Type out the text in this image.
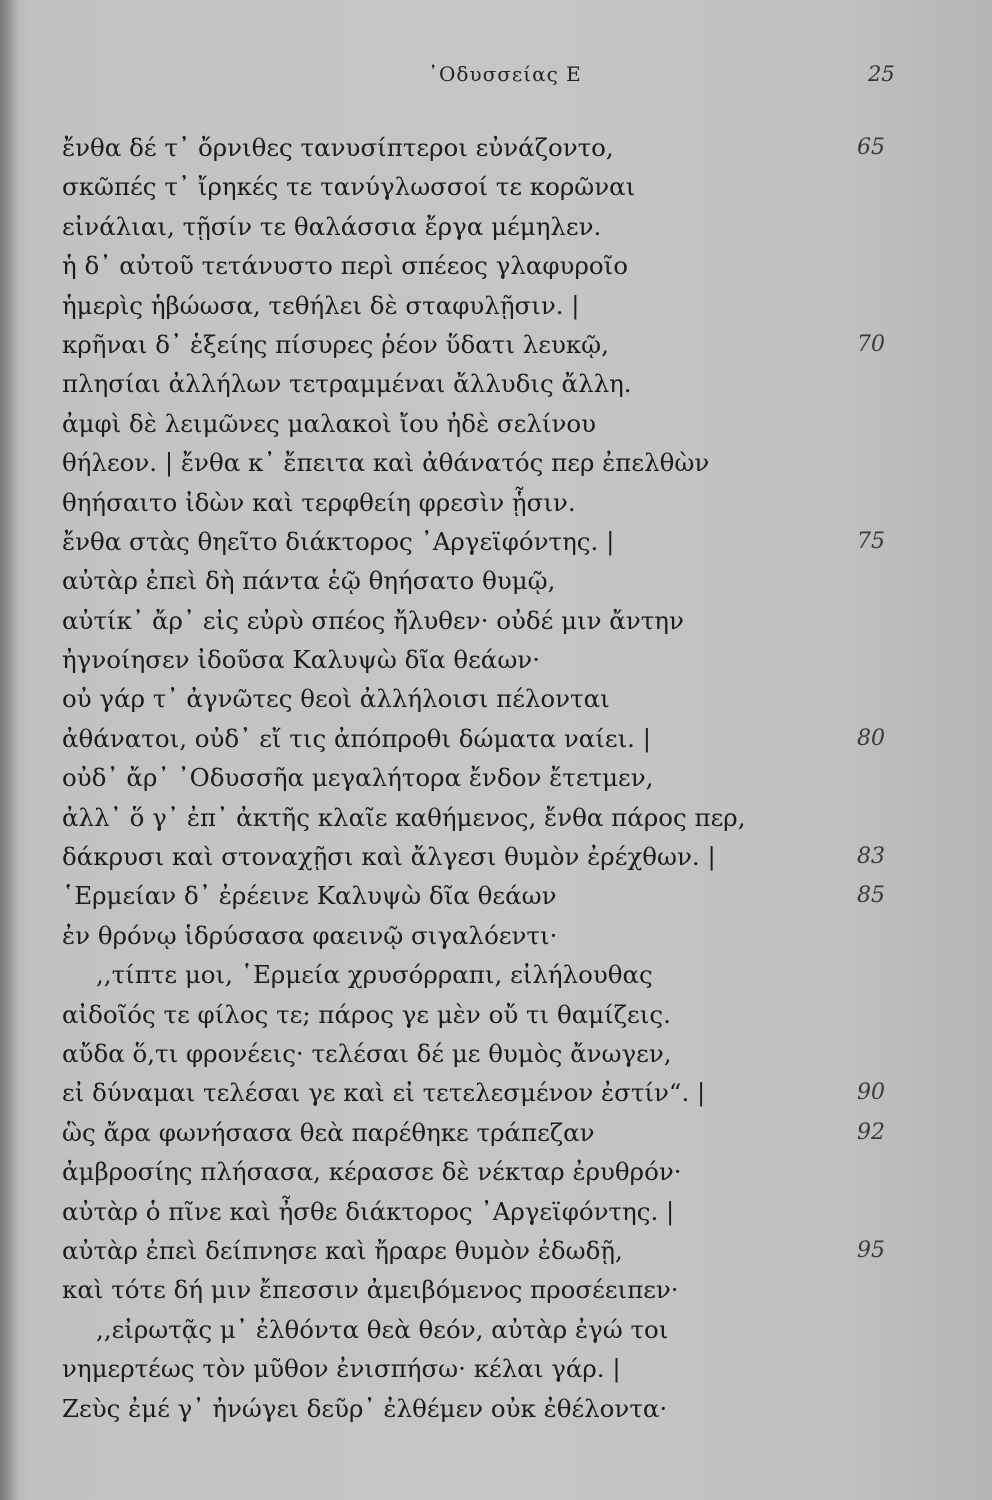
᾿Οδυσσείας Ε	25
ἔνθα δέ τ᾿ ὄρνιθες τανυσίπτεροι εὐνάζοντο,	65
σκῶπές τ᾿ ἴρηκές τε τανύγλωσσοί τε κορῶναι
εἰνάλιαι, τῇσίν τε θαλάσσια ἔργα μέμηλεν.
ἡ δ᾿ αὐτοῦ τετάνυστο περὶ σπέεος γλαφυροῖο
ἡμερὶς ἡβώωσα, τεθήλει δὲ σταφυλῇσιν. |
κρῆναι δ᾿ ἑξείης πίσυρες ῥέον ὕδατι λευκῷ,	70
πλησίαι ἀλλήλων τετραμμέναι ἄλλυδις ἄλλη.
ἀμφὶ δὲ λειμῶνες μαλακοὶ ἴου ἠδὲ σελίνου
θήλεον. | ἔνθα κ᾿ ἔπειτα καὶ ἀθάνατός περ ἐπελθὼν
θηήσαιτο ἰδὼν καὶ τερφθείη φρεσὶν ᾗσιν.
ἔνθα στὰς θηεῖτο διάκτορος ᾿Αργεϊφόντης. |	75
αὐτὰρ ἐπεὶ δὴ πάντα ἑῷ θηήσατο θυμῷ,
αὐτίκ᾿ ἄρ᾿ εἰς εὐρὺ σπέος ἤλυθεν· οὐδέ μιν ἄντην
ἠγνοίησεν ἰδοῦσα Καλυψὼ δῖα θεάων·
οὐ γάρ τ᾿ ἀγνῶτες θεοὶ ἀλλήλοισι πέλονται
ἀθάνατοι, οὐδ᾿ εἴ τις ἀπόπροθι δώματα ναίει. |	80
οὐδ᾿ ἄρ᾿ ᾿Οδυσσῆα μεγαλήτορα ἔνδον ἔτετμεν,
ἀλλ᾿ ὅ γ᾿ ἐπ᾿ ἀκτῆς κλαῖε καθήμενος, ἔνθα πάρος περ,
δάκρυσι καὶ στοναχῇσι καὶ ἄλγεσι θυμὸν ἐρέχθων. |	83
῾Ερμείαν δ᾿ ἐρέεινε Καλυψὼ δῖα θεάων	85
ἐν θρόνῳ ἱδρύσασα φαεινῷ σιγαλόεντι·
,,τίπτε μοι, ῾Ερμεία χρυσόρραπι, εἰλήλουθας
αἰδοῖός τε φίλος τε; πάρος γε μὲν οὔ τι θαμίζεις.
αὔδα ὅ,τι φρονέεις· τελέσαι δέ με θυμὸς ἄνωγεν,
εἰ δύναμαι τελέσαι γε καὶ εἰ τετελεσμένον ἐστίν“. |	90
ὣς ἄρα φωνήσασα θεὰ παρέθηκε τράπεζαν	92
ἀμβροσίης πλήσασα, κέρασσε δὲ νέκταρ ἐρυθρόν·
αὐτὰρ ὁ πῖνε καὶ ἦσθε διάκτορος ᾿Αργεϊφόντης. |
αὐτὰρ ἐπεὶ δείπνησε καὶ ἤραρε θυμὸν ἐδωδῇ,	95
καὶ τότε δή μιν ἔπεσσιν ἀμειβόμενος προσέειπεν·
,,εἰρωτᾷς μ᾿ ἐλθόντα θεὰ θεόν, αὐτὰρ ἐγώ τοι
νημερτέως τὸν μῦθον ἐνισπήσω· κέλαι γάρ. |
Ζεὺς ἐμέ γ᾿ ἠνώγει δεῦρ᾿ ἐλθέμεν οὐκ ἐθέλοντα·
